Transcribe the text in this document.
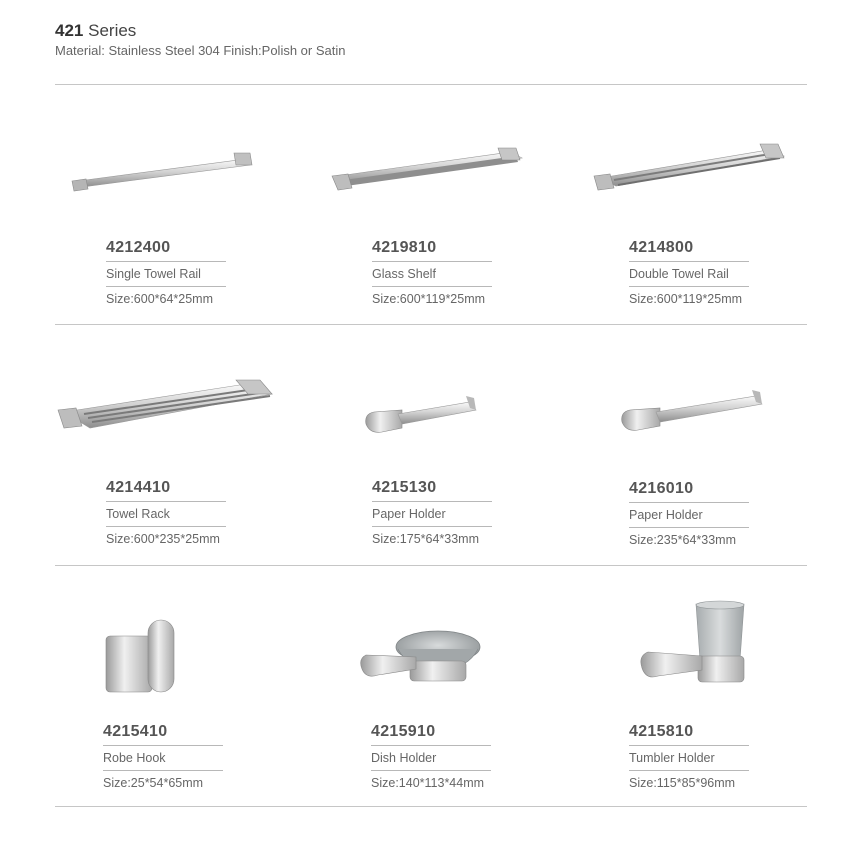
421 Series
Material: Stainless Steel 304 Finish:Polish or Satin
4212400
Single Towel Rail
Size:600*64*25mm
4219810
Glass Shelf
Size:600*119*25mm
4214800
Double Towel Rail
Size:600*119*25mm
4214410
Towel Rack
Size:600*235*25mm
4215130
Paper Holder
Size:175*64*33mm
4216010
Paper Holder
Size:235*64*33mm
4215410
Robe Hook
Size:25*54*65mm
4215910
Dish Holder
Size:140*113*44mm
4215810
Tumbler Holder
Size:115*85*96mm
